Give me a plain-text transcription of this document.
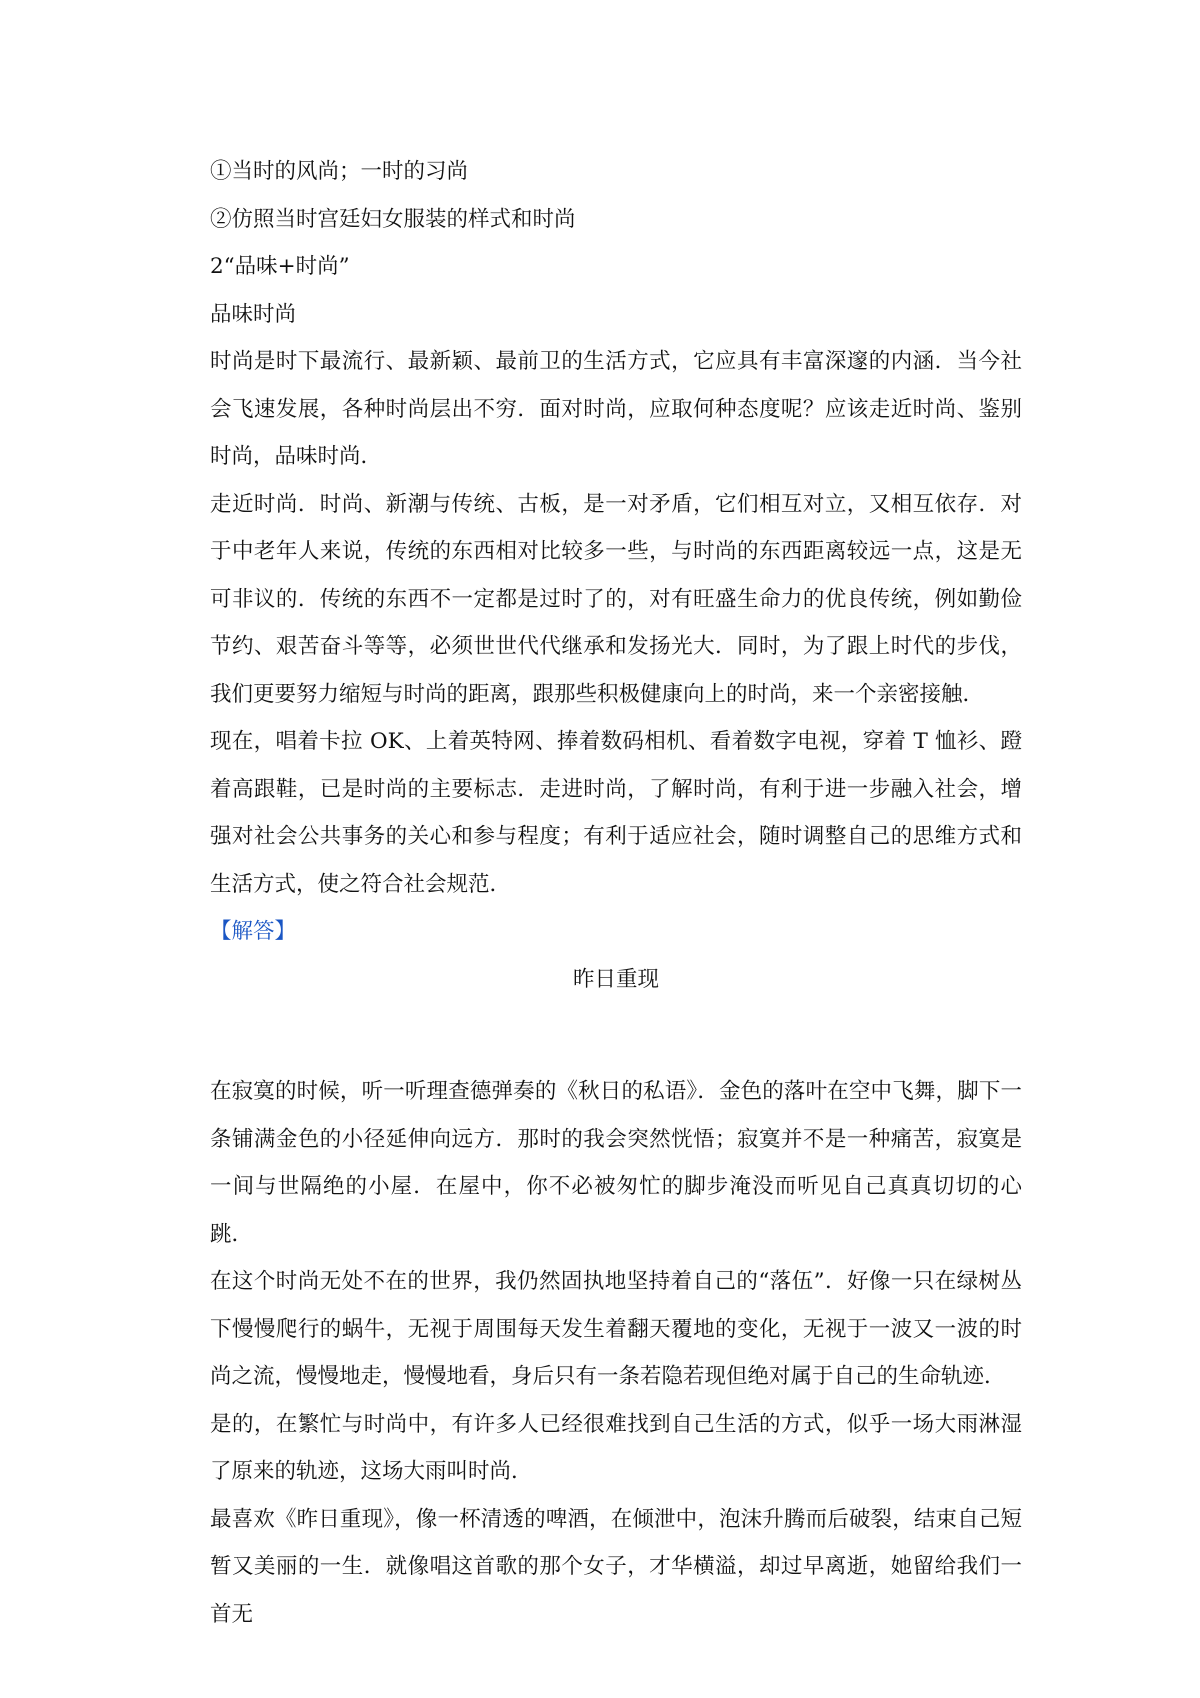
①当时的风尚；一时的习尚

②仿照当时宫廷妇女服装的样式和时尚

2“品味+时尚”

品味时尚

时尚是时下最流行、最新颖、最前卫的生活方式，它应具有丰富深邃的内涵．当今社会飞速发展，各种时尚层出不穷．面对时尚，应取何种态度呢？应该走近时尚、鉴别时尚，品味时尚．

走近时尚．时尚、新潮与传统、古板，是一对矛盾，它们相互对立，又相互依存．对于中老年人来说，传统的东西相对比较多一些，与时尚的东西距离较远一点，这是无可非议的．传统的东西不一定都是过时了的，对有旺盛生命力的优良传统，例如勤俭节约、艰苦奋斗等等，必须世世代代继承和发扬光大．同时，为了跟上时代的步伐，我们更要努力缩短与时尚的距离，跟那些积极健康向上的时尚，来一个亲密接触．

现在，唱着卡拉 OK、上着英特网、捧着数码相机、看着数字电视，穿着 T 恤衫、蹬着高跟鞋，已是时尚的主要标志．走进时尚，了解时尚，有利于进一步融入社会，增强对社会公共事务的关心和参与程度；有利于适应社会，随时调整自己的思维方式和生活方式，使之符合社会规范．

【解答】

昨日重现

在寂寞的时候，听一听理查德弹奏的《秋日的私语》．金色的落叶在空中飞舞，脚下一条铺满金色的小径延伸向远方．那时的我会突然恍悟；寂寞并不是一种痛苦，寂寞是一间与世隔绝的小屋．在屋中，你不必被匆忙的脚步淹没而听见自己真真切切的心跳．

在这个时尚无处不在的世界，我仍然固执地坚持着自己的“落伍”．好像一只在绿树丛下慢慢爬行的蜗牛，无视于周围每天发生着翻天覆地的变化，无视于一波又一波的时尚之流，慢慢地走，慢慢地看，身后只有一条若隐若现但绝对属于自己的生命轨迹．

是的，在繁忙与时尚中，有许多人已经很难找到自己生活的方式，似乎一场大雨淋湿了原来的轨迹，这场大雨叫时尚．

最喜欢《昨日重现》，像一杯清透的啤酒，在倾泄中，泡沫升腾而后破裂，结束自己短暂又美丽的一生．就像唱这首歌的那个女子，才华横溢，却过早离逝，她留给我们一首无
